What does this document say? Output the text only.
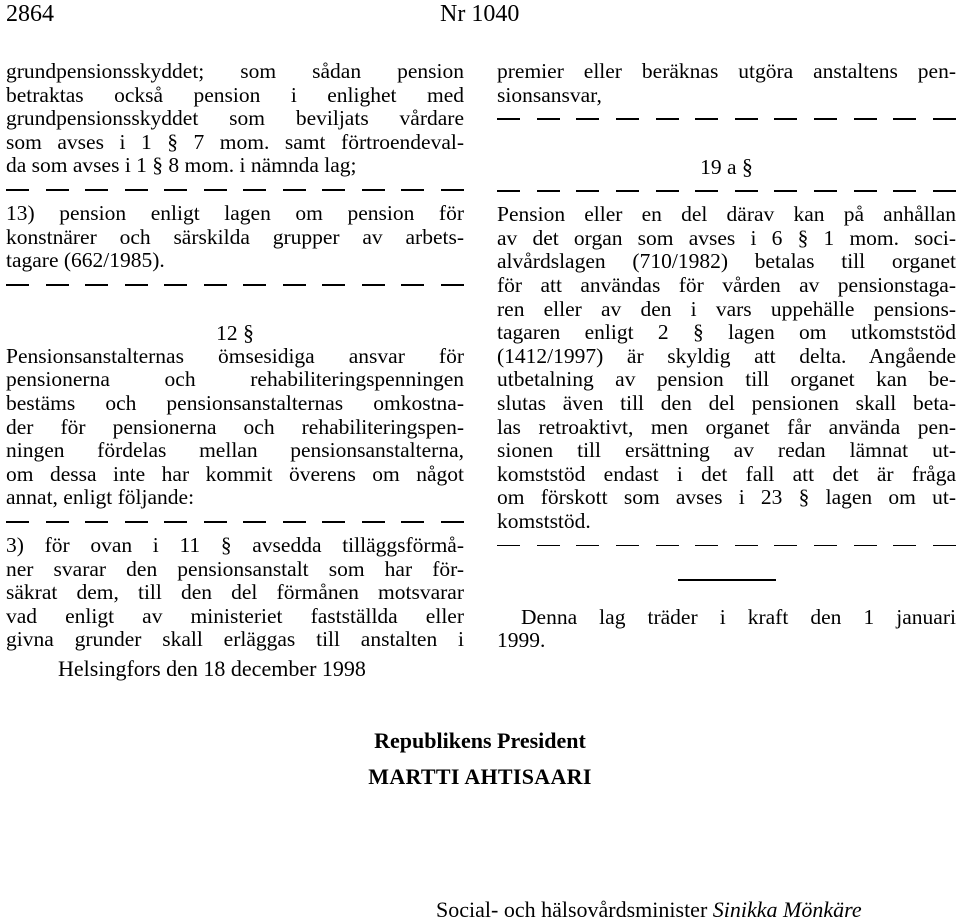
2864	Nr 1040

grundpensionsskyddet; som sådan pension

betraktas också pension i enlighet med

grundpensionsskyddet som beviljats vårdare

som avses i 1 § 7 mom. samt förtroendeval-

da som avses i 1 § 8 mom. i nämnda lag;

13) pension enligt lagen om pension för

konstnärer och särskilda grupper av arbets-

tagare (662/1985).

12 §

Pensionsanstalternas ömsesidiga ansvar för

pensionerna och rehabiliteringspenningen

bestäms och pensionsanstalternas omkostna-

der för pensionerna och rehabiliteringspen-

ningen fördelas mellan pensionsanstalterna,

om dessa inte har kommit överens om något

annat, enligt följande:

3) för ovan i 11 § avsedda tilläggsförmå-

ner svarar den pensionsanstalt som har för-

säkrat dem, till den del förmånen motsvarar

vad enligt av ministeriet fastställda eller

givna grunder skall erläggas till anstalten i

premier eller beräknas utgöra anstaltens pen-

sionsansvar,

19 a §

Pension eller en del därav kan på anhållan

av det organ som avses i 6 § 1 mom. soci-

alvårdslagen (710/1982) betalas till organet

för att användas för vården av pensionstaga-

ren eller av den i vars uppehälle pensions-

tagaren enligt 2 § lagen om utkomststöd

(1412/1997) är skyldig att delta. Angående

utbetalning av pension till organet kan be-

slutas även till den del pensionen skall beta-

las retroaktivt, men organet får använda pen-

sionen till ersättning av redan lämnat ut-

komststöd endast i det fall att det är fråga

om förskott som avses i 23 § lagen om ut-

komststöd.

Denna lag träder i kraft den 1 januari

1999.

Helsingfors den 18 december 1998
Republikens President
MARTTI AHTISAARI
Social- och hälsovårdsminister Sinikka Mönkäre
